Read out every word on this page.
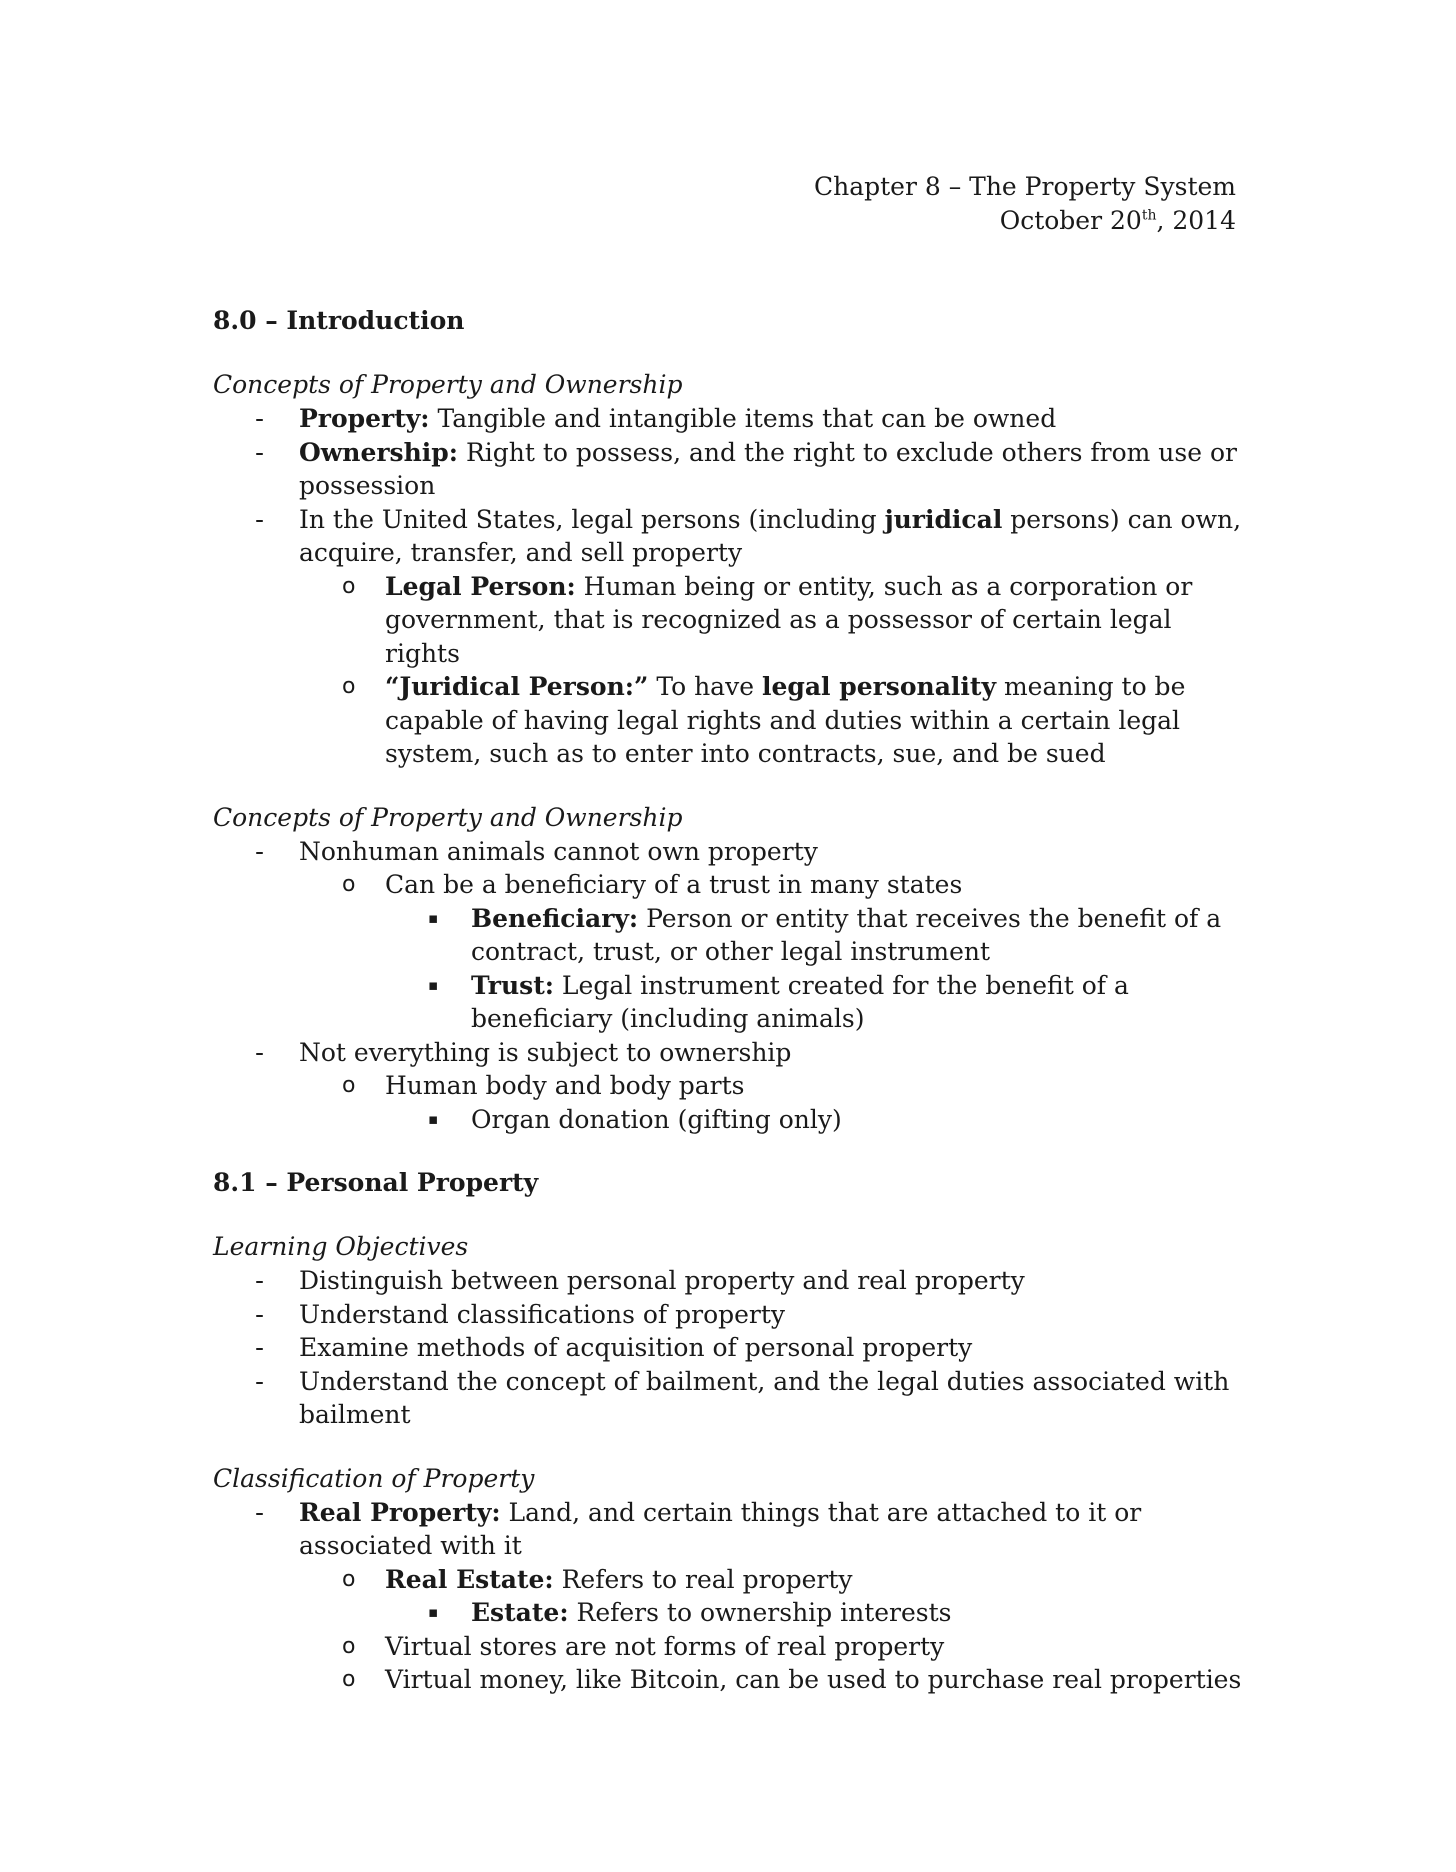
Chapter 8 – The Property System
October 20th, 2014

8.0 – Introduction

Concepts of Property and Ownership

- Property: Tangible and intangible items that can be owned
- Ownership: Right to possess, and the right to exclude others from use or possession
- In the United States, legal persons (including juridical persons) can own, acquire, transfer, and sell property
o Legal Person: Human being or entity, such as a corporation or government, that is recognized as a possessor of certain legal rights
o “Juridical Person:” To have legal personality meaning to be capable of having legal rights and duties within a certain legal system, such as to enter into contracts, sue, and be sued

Concepts of Property and Ownership

- Nonhuman animals cannot own property
o Can be a beneficiary of a trust in many states
▪ Beneficiary: Person or entity that receives the benefit of a contract, trust, or other legal instrument
▪ Trust: Legal instrument created for the benefit of a beneficiary (including animals)
- Not everything is subject to ownership
o Human body and body parts
▪ Organ donation (gifting only)

8.1 – Personal Property

Learning Objectives

- Distinguish between personal property and real property
- Understand classifications of property
- Examine methods of acquisition of personal property
- Understand the concept of bailment, and the legal duties associated with bailment

Classification of Property

- Real Property: Land, and certain things that are attached to it or associated with it
o Real Estate: Refers to real property
▪ Estate: Refers to ownership interests
o Virtual stores are not forms of real property
o Virtual money, like Bitcoin, can be used to purchase real properties
